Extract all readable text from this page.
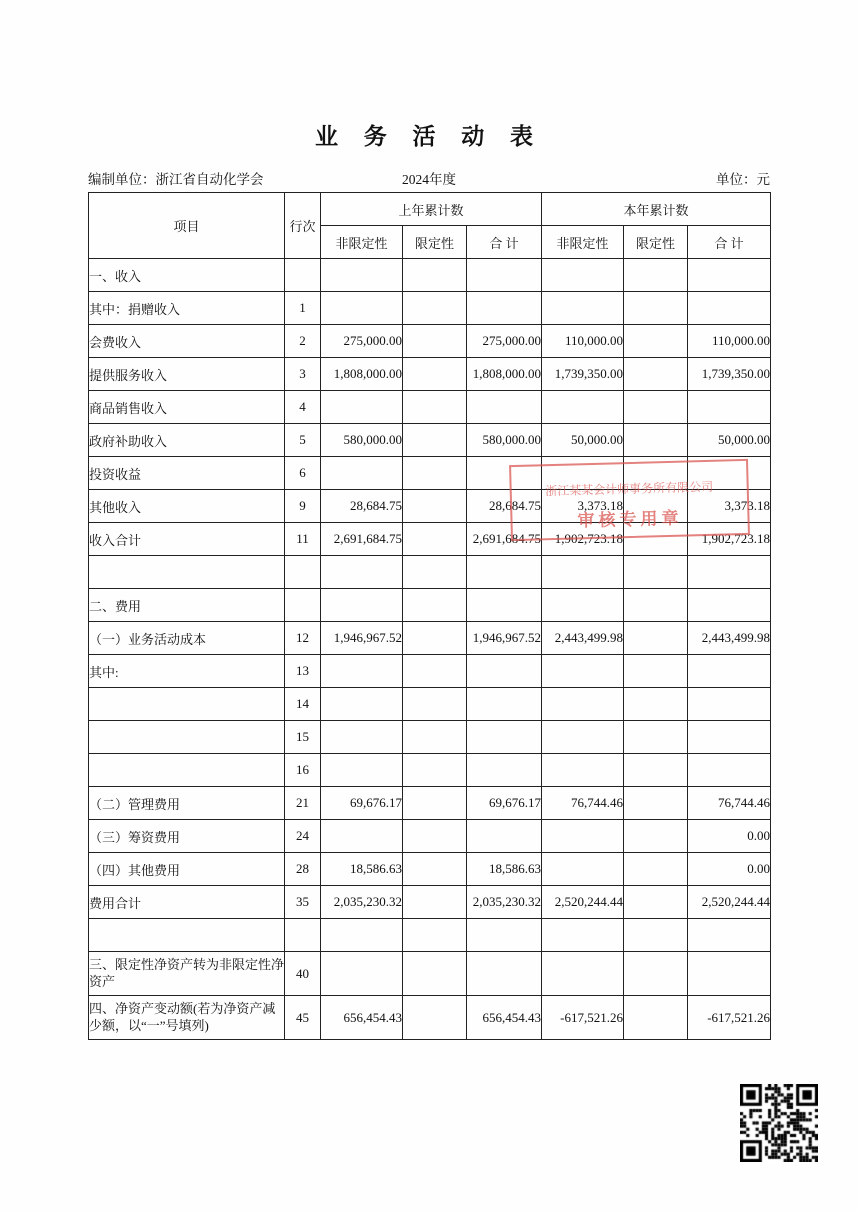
业 务 活 动 表
编制单位：浙江省自动化学会	单位：元
2024年度
项目	行次	上年累计数			本年累计数		
		非限定性	限定性	合 计	非限定性	限定性	合 计
一、收入							
其中：捐赠收入	1						
会费收入	2	275,000.00		275,000.00	110,000.00		110,000.00
提供服务收入	3	1,808,000.00		1,808,000.00	1,739,350.00		1,739,350.00
商品销售收入	4						
政府补助收入	5	580,000.00		580,000.00	50,000.00		50,000.00
投资收益	6						
其他收入	9	28,684.75		28,684.75	3,373.18		3,373.18
收入合计	11	2,691,684.75		2,691,684.75	1,902,723.18		1,902,723.18

二、费用							
（一）业务活动成本	12	1,946,967.52		1,946,967.52	2,443,499.98		2,443,499.98
其中:	13						
	14						
	15						
	16						
（二）管理费用	21	69,676.17		69,676.17	76,744.46		76,744.46
（三）筹资费用	24						0.00
（四）其他费用	28	18,586.63		18,586.63			0.00
费用合计	35	2,035,230.32		2,035,230.32	2,520,244.44		2,520,244.44

三、限定性净资产转为非限定性净资产	40						
四、净资产变动额(若为净资产减少额，以“一”号填列)	45	656,454.43		656,454.43	-617,521.26		-617,521.26
浙江某某会计师事务所有限公司
审核专用章
